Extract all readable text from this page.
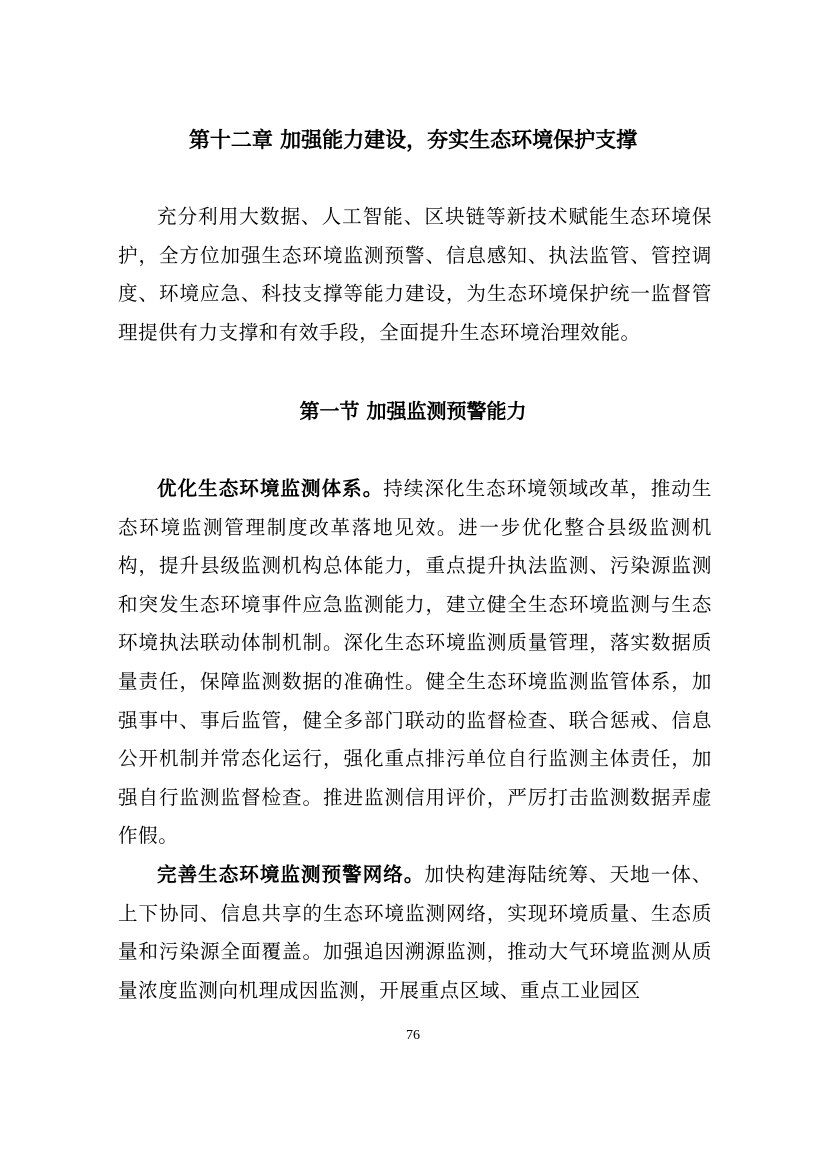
第十二章 加强能力建设，夯实生态环境保护支撑

充分利用大数据、人工智能、区块链等新技术赋能生态环境保护，全方位加强生态环境监测预警、信息感知、执法监管、管控调度、环境应急、科技支撑等能力建设，为生态环境保护统一监督管理提供有力支撑和有效手段，全面提升生态环境治理效能。

第一节 加强监测预警能力

优化生态环境监测体系。持续深化生态环境领域改革，推动生态环境监测管理制度改革落地见效。进一步优化整合县级监测机构，提升县级监测机构总体能力，重点提升执法监测、污染源监测和突发生态环境事件应急监测能力，建立健全生态环境监测与生态环境执法联动体制机制。深化生态环境监测质量管理，落实数据质量责任，保障监测数据的准确性。健全生态环境监测监管体系，加强事中、事后监管，健全多部门联动的监督检查、联合惩戒、信息公开机制并常态化运行，强化重点排污单位自行监测主体责任，加强自行监测监督检查。推进监测信用评价，严厉打击监测数据弄虚作假。

完善生态环境监测预警网络。加快构建海陆统筹、天地一体、上下协同、信息共享的生态环境监测网络，实现环境质量、生态质量和污染源全面覆盖。加强追因溯源监测，推动大气环境监测从质量浓度监测向机理成因监测，开展重点区域、重点工业园区

76
